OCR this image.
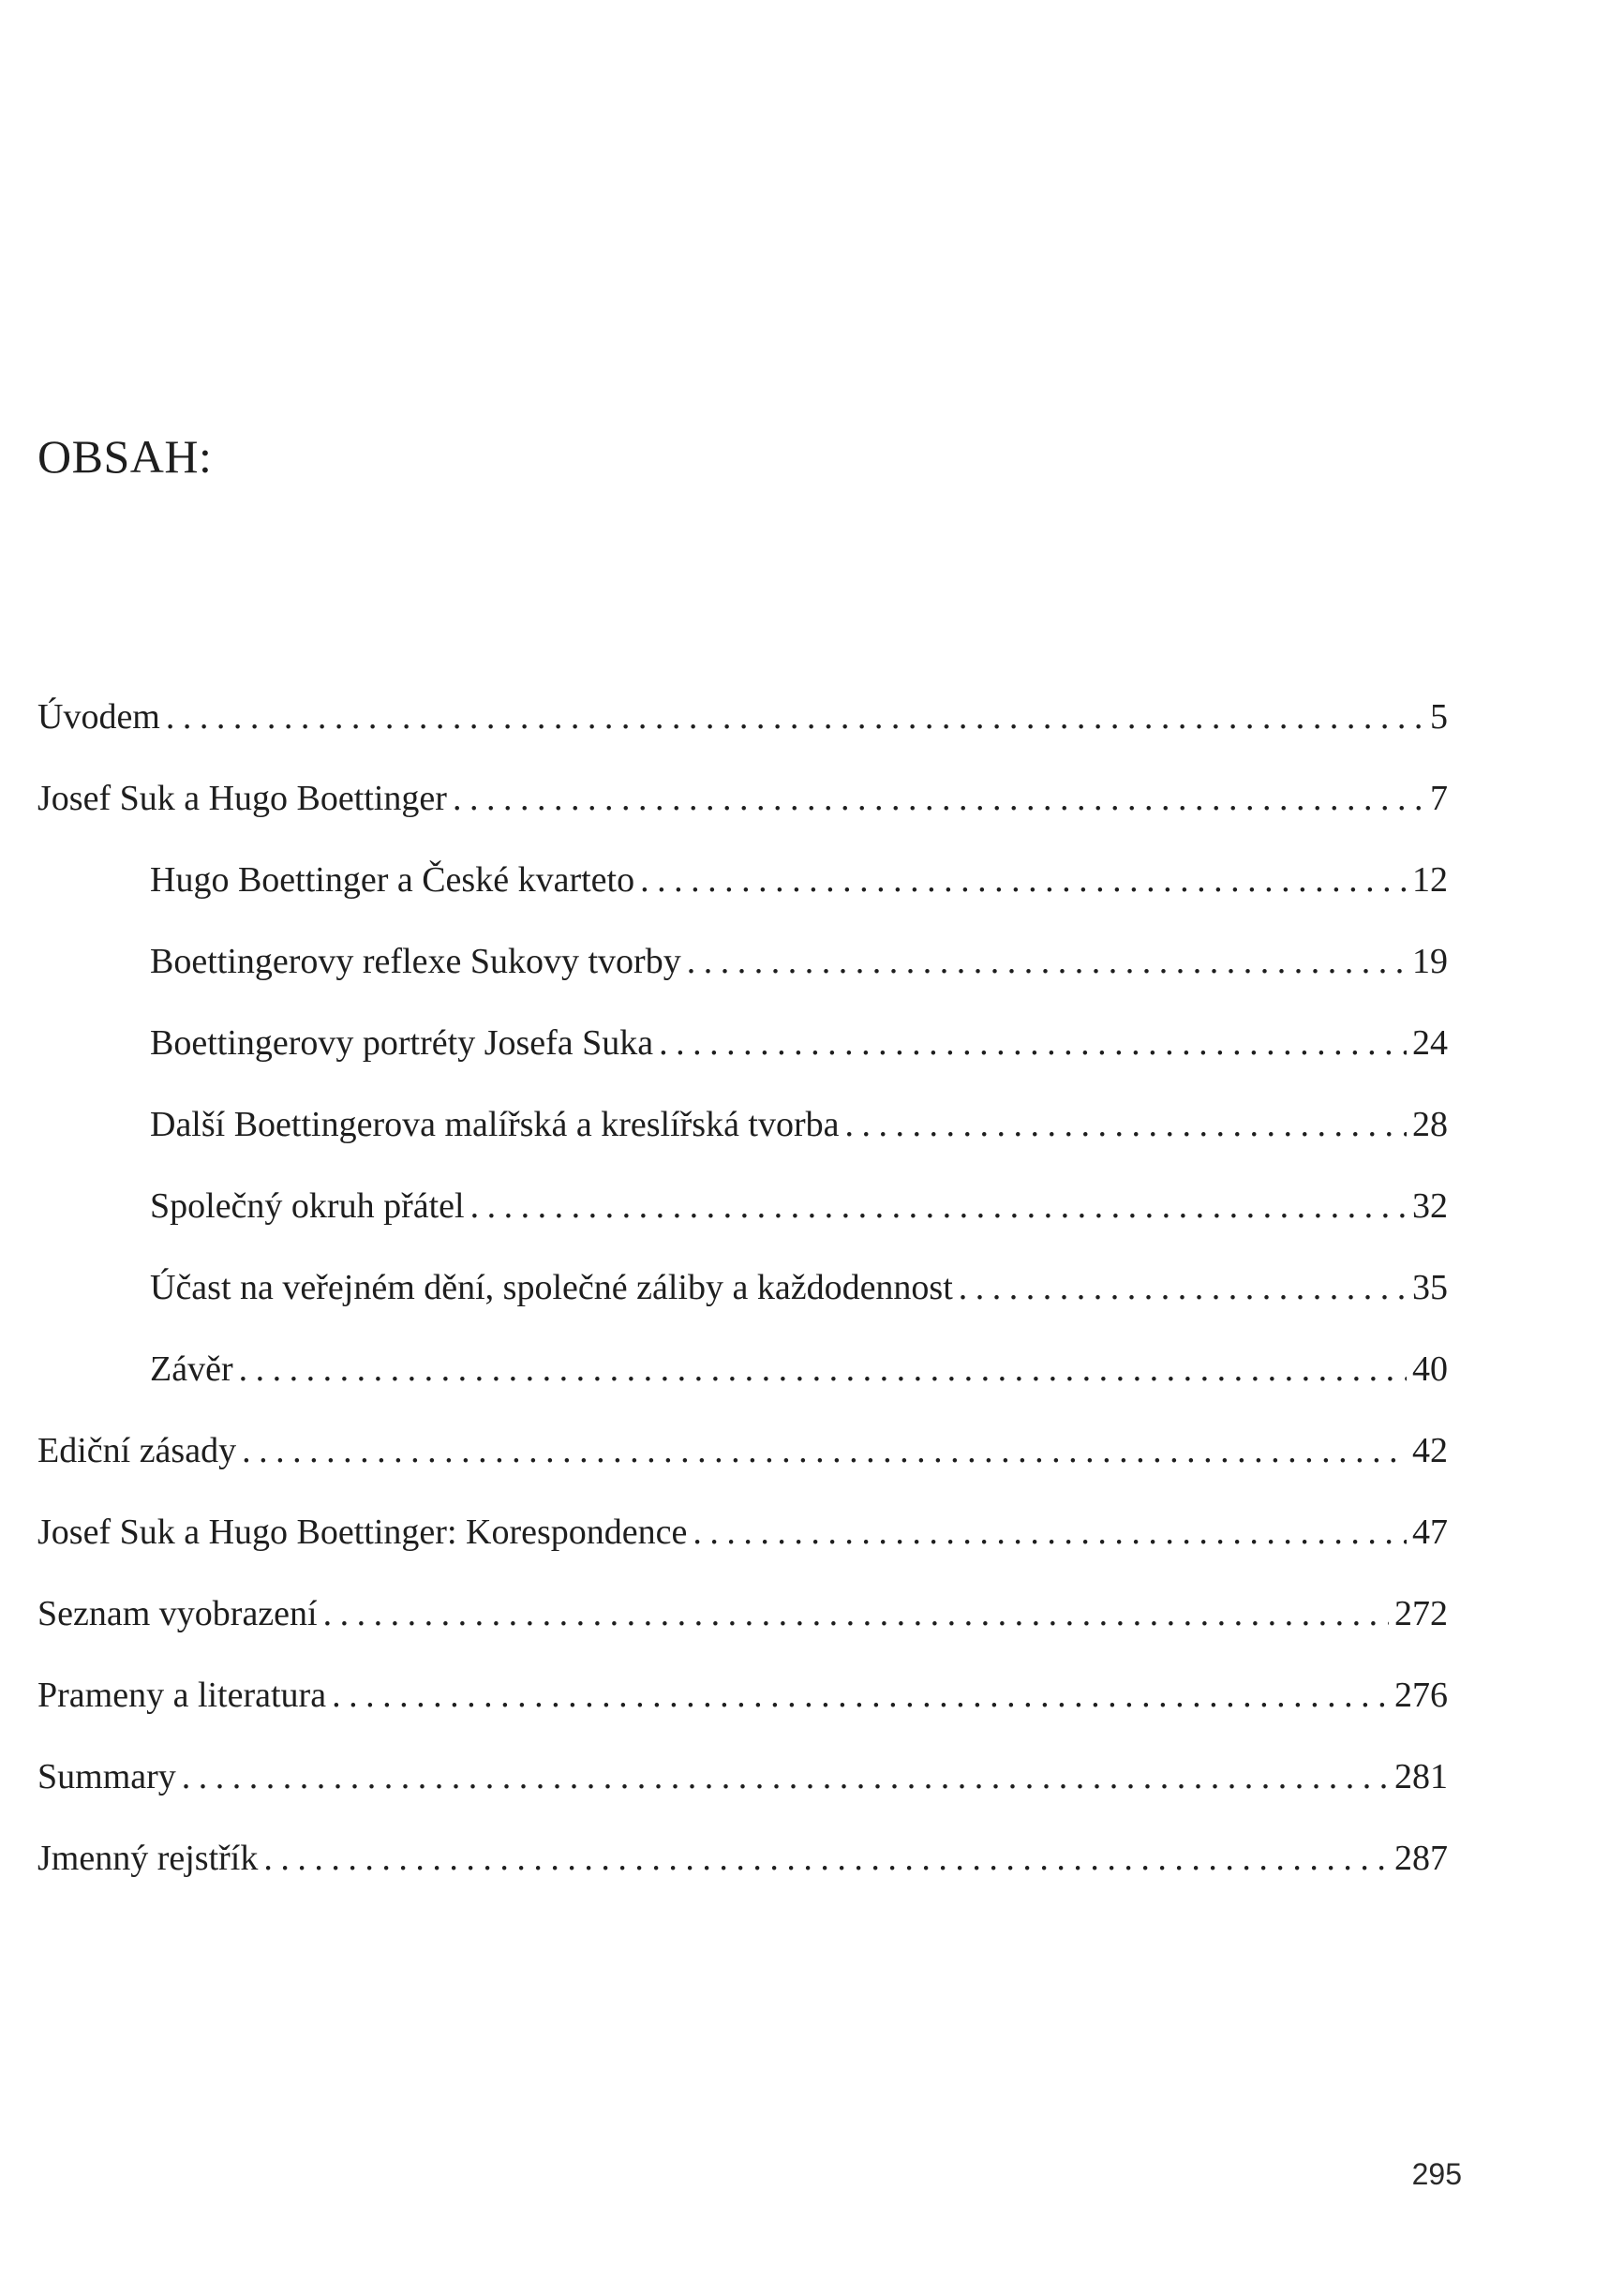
OBSAH:
Úvodem . . .	5
Josef Suk a Hugo Boettinger . . .	7
Hugo Boettinger a České kvarteto . . .	12
Boettingerovy reflexe Sukovy tvorby . . .	19
Boettingerovy portréty Josefa Suka . . .	24
Další Boettingerova malířská a kreslířská tvorba . . .	28
Společný okruh přátel . . .	32
Účast na veřejném dění, společné záliby a každodennost . . .	35
Závěr . . .	40
Ediční zásady . . .	42
Josef Suk a Hugo Boettinger: Korespondence . . .	47
Seznam vyobrazení . . .	272
Prameny a literatura . . .	276
Summary . . .	281
Jmenný rejstřík . . .	287
295
